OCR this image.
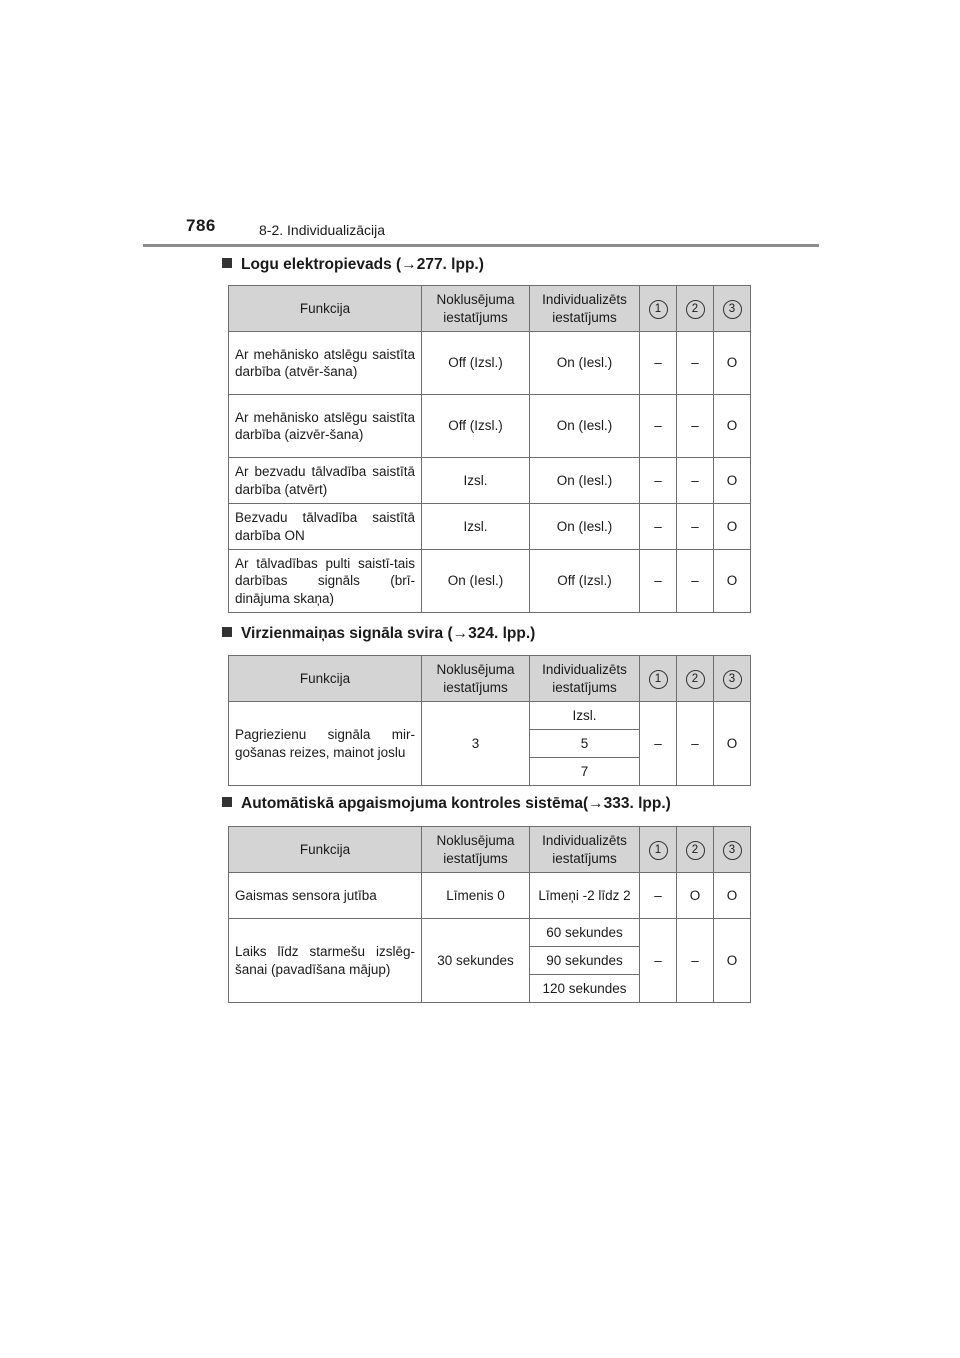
786	8-2. Individualizācija
Logu elektropievads (→277. lpp.)
Funkcija	Noklusējuma iestatījums	Individualizēts iestatījums	1	2	3
Ar mehānisko atslēgu saistīta darbība (atvēr-šana)	Off (Izsl.)	On (Iesl.)	–	–	O
Ar mehānisko atslēgu saistīta darbība (aizvēr-šana)	Off (Izsl.)	On (Iesl.)	–	–	O
Ar bezvadu tālvadība saistītā darbība (atvērt)	Izsl.	On (Iesl.)	–	–	O
Bezvadu tālvadība saistītā darbība ON	Izsl.	On (Iesl.)	–	–	O
Ar tālvadības pulti saistī-tais darbības signāls (brī-dinājuma skaņa)	On (Iesl.)	Off (Izsl.)	–	–	O
Virzienmaiņas signāla svira (→324. lpp.)
Funkcija	Noklusējuma iestatījums	Individualizēts iestatījums	1	2	3
Pagriezienu signāla mir-gošanas reizes, mainot joslu	3	Izsl.	–	–	O
		5			
		7			
Automātiskā apgaismojuma kontroles sistēma(→333. lpp.)
Funkcija	Noklusējuma iestatījums	Individualizēts iestatījums	1	2	3
Gaismas sensora jutība	Līmenis 0	Līmeņi -2 līdz 2	–	O	O
Laiks līdz starmešu izslēg-šanai (pavadīšana mājup)	30 sekundes	60 sekundes	–	–	O
		90 sekundes			
		120 sekundes			
